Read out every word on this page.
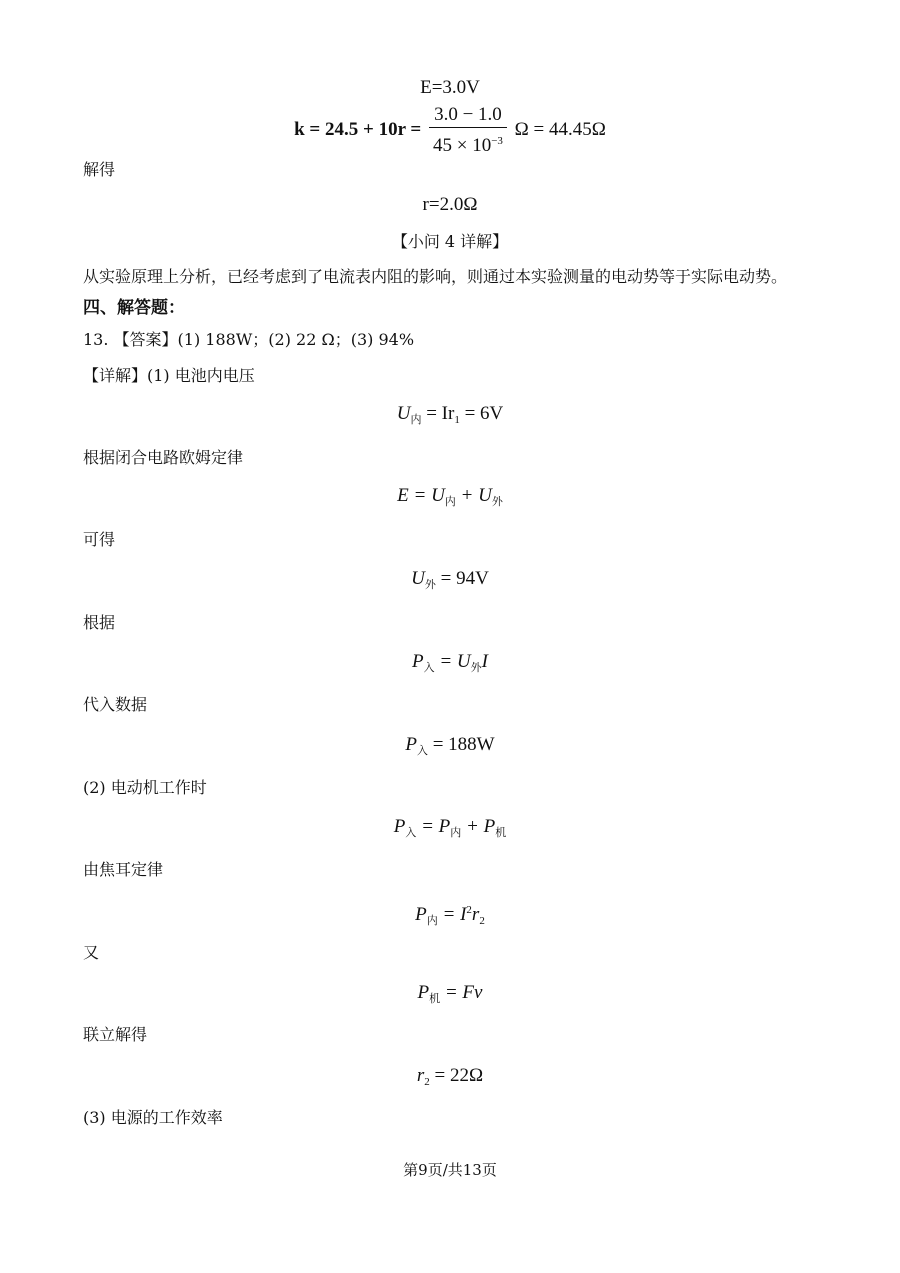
E=3.0V
$k = 24.5 + 10r = \frac{3.0 - 1.0}{45 \times 10^{-3}}$ Ω = 44.45Ω
解得
r=2.0Ω
【小问 4 详解】
从实验原理上分析，已经考虑到了电流表内阻的影响，则通过本实验测量的电动势等于实际电动势。
四、解答题：
13. 【答案】(1) 188W；(2) 22 Ω；(3) 94%
【详解】(1) 电池内电压
$U_内 = Ir_1 = 6V$
根据闭合电路欧姆定律
$E = U_内 + U_外$
可得
$U_外 = 94V$
根据
$P_入 = U_外I$
代入数据
$P_入 = 188W$
(2) 电动机工作时
$P_入 = P_内 + P_机$
由焦耳定律
$P_内 = I^2r_2$
又
$P_机 = Fv$
联立解得
$r_2 = 22\Omega$
(3) 电源的工作效率
第9页/共13页
